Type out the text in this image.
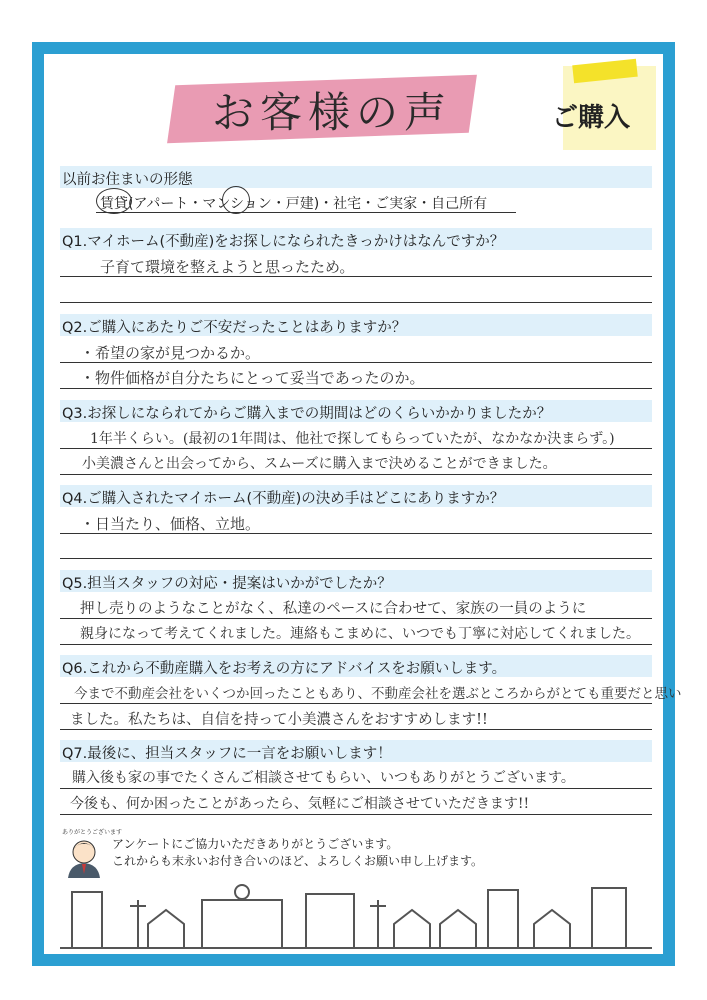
お客様の声	ご購入
以前お住まいの形態
賃貸(アパート・マンション・戸建)・社宅・ご実家・自己所有
Q1.マイホーム(不動産)をお探しになられたきっかけはなんですか？
子育て環境を整えようと思ったため。
Q2.ご購入にあたりご不安だったことはありますか？
・希望の家が見つかるか。
・物件価格が自分たちにとって妥当であったのか。
Q3.お探しになられてからご購入までの期間はどのくらいかかりましたか？
1年半くらい。(最初の1年間は、他社で探してもらっていたが、なかなか決まらず。)
小美濃さんと出会ってから、スムーズに購入まで決めることができました。
Q4.ご購入されたマイホーム(不動産)の決め手はどこにありますか？
・日当たり、価格、立地。
Q5.担当スタッフの対応・提案はいかがでしたか？
押し売りのようなことがなく、私達のペースに合わせて、家族の一員のように
親身になって考えてくれました。連絡もこまめに、いつでも丁寧に対応してくれました。
Q6.これから不動産購入をお考えの方にアドバイスをお願いします。
今まで不動産会社をいくつか回ったこともあり、不動産会社を選ぶところからがとても重要だと思い
ました。私たちは、自信を持って小美濃さんをおすすめします!!
Q7.最後に、担当スタッフに一言をお願いします！
購入後も家の事でたくさんご相談させてもらい、いつもありがとうございます。
今後も、何か困ったことがあったら、気軽にご相談させていただきます!!
ありがとうございます
アンケートにご協力いただきありがとうございます。
これからも末永いお付き合いのほど、よろしくお願い申し上げます。
